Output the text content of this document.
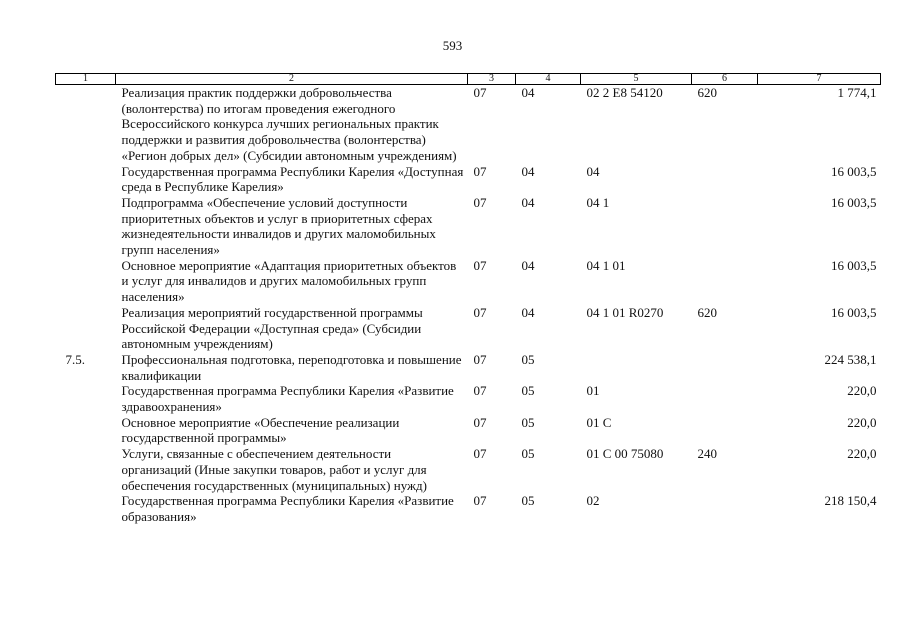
593
1	2	3	4	5	6	7
	Реализация практик поддержки добровольчества (волонтерства) по итогам проведения ежегодного Всероссийского конкурса лучших региональных практик поддержки и развития добровольчества (волонтерства) «Регион добрых дел» (Субсидии автономным учреждениям)	07	04	02 2 E8 54120	620	1 774,1
	Государственная программа Республики Карелия «Доступная среда в Республике Карелия»	07	04	04		16 003,5
	Подпрограмма «Обеспечение условий доступности приоритетных объектов и услуг в приоритетных сферах жизнедеятельности инвалидов и других маломобильных групп населения»	07	04	04 1		16 003,5
	Основное мероприятие «Адаптация приоритетных объектов и услуг для инвалидов и других маломобильных групп населения»	07	04	04 1 01		16 003,5
	Реализация мероприятий государственной программы Российской Федерации «Доступная среда» (Субсидии автономным учреждениям)	07	04	04 1 01 R0270	620	16 003,5
7.5.	Профессиональная подготовка, переподготовка и повышение квалификации	07	05			224 538,1
	Государственная программа Республики Карелия «Развитие здравоохранения»	07	05	01		220,0
	Основное мероприятие «Обеспечение реализации государственной программы»	07	05	01 С		220,0
	Услуги, связанные с обеспечением деятельности организаций (Иные закупки товаров, работ и услуг для обеспечения государственных (муниципальных) нужд)	07	05	01 С 00 75080	240	220,0
	Государственная программа Республики Карелия «Развитие образования»	07	05	02		218 150,4
